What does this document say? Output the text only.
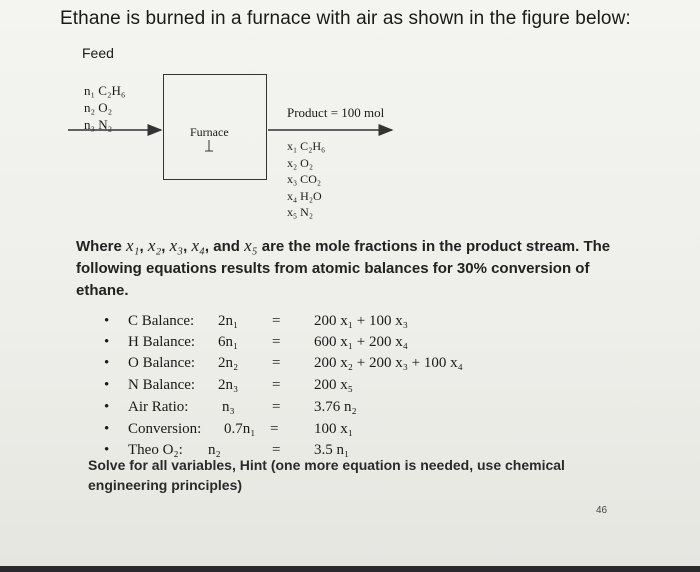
Ethane is burned in a furnace with air as shown in the figure below:
Feed
n₁ C₂H₆
n₂ O₂
n₃ N₂	Furnace
Product = 100 mol
x₁ C₂H₆
x₂ O₂
x₃ CO₂
x₄ H₂O
x₅ N₂
Where x₁, x₂, x₃, x₄, and x₅ are the mole fractions in the product stream. The following equations results from atomic balances for 30% conversion of ethane.
• C Balance: 2n₁ = 200 x₁ + 100 x₃
• H Balance: 6n₁ = 600 x₁ + 200 x₄
• O Balance: 2n₂ = 200 x₂ + 200 x₃ + 100 x₄
• N Balance: 2n₃ = 200 x₅
• Air Ratio: n₃ = 3.76 n₂
• Conversion: 0.7n₁ = 100 x₁
• Theo O₂: n₂	= 3.5 n₁
Solve for all variables, Hint (one more equation is needed, use chemical engineering principles)
46
